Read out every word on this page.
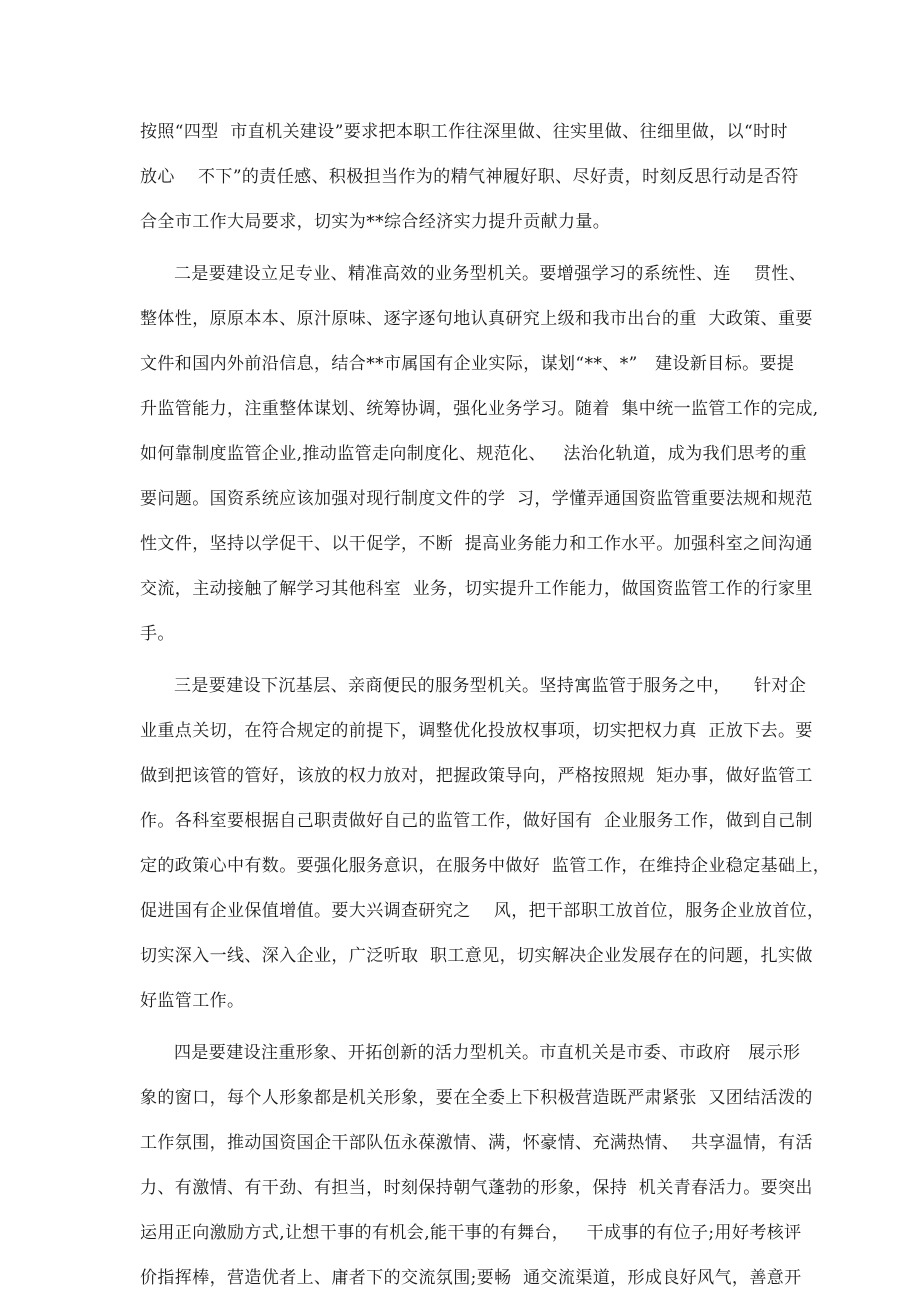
按照“四型  市直机关建设”要求把本职工作往深里做、往实里做、往细里做，以“时时
放心    不下”的责任感、积极担当作为的精气神履好职、尽好责，时刻反思行动是否符
合全市工作大局要求，切实为**综合经济实力提升贡献力量。
二是要建设立足专业、精准高效的业务型机关。要增强学习的系统性、连    贯性、
整体性，原原本本、原汁原味、逐字逐句地认真研究上级和我市出台的重  大政策、重要
文件和国内外前沿信息，结合**市属国有企业实际，谋划“**、*”   建设新目标。要提
升监管能力，注重整体谋划、统筹协调，强化业务学习。随着  集中统一监管工作的完成,
如何靠制度监管企业,推动监管走向制度化、规范化、   法治化轨道，成为我们思考的重
要问题。国资系统应该加强对现行制度文件的学  习，学懂弄通国资监管重要法规和规范
性文件，坚持以学促干、以干促学，不断  提高业务能力和工作水平。加强科室之间沟通
交流，主动接触了解学习其他科室  业务，切实提升工作能力，做国资监管工作的行家里
手。
三是要建设下沉基层、亲商便民的服务型机关。坚持寓监管于服务之中，    针对企
业重点关切，在符合规定的前提下，调整优化投放权事项，切实把权力真  正放下去。要
做到把该管的管好，该放的权力放对，把握政策导向，严格按照规  矩办事，做好监管工
作。各科室要根据自己职责做好自己的监管工作，做好国有  企业服务工作，做到自己制
定的政策心中有数。要强化服务意识，在服务中做好  监管工作，在维持企业稳定基础上，
促进国有企业保值增值。要大兴调查研究之    风，把干部职工放首位，服务企业放首位，
切实深入一线、深入企业，广泛听取  职工意见，切实解决企业发展存在的问题，扎实做
好监管工作。
四是要建设注重形象、开拓创新的活力型机关。市直机关是市委、市政府   展示形
象的窗口，每个人形象都是机关形象，要在全委上下积极营造既严肃紧张  又团结活泼的
工作氛围，推动国资国企干部队伍永葆激情、满，怀豪情、充满热情、  共享温情，有活
力、有激情、有干劲、有担当，时刻保持朝气蓬勃的形象，保持  机关青春活力。要突出
运用正向激励方式,让想干事的有机会,能干事的有舞台，   干成事的有位子;用好考核评
价指挥棒，营造优者上、庸者下的交流氛围;要畅  通交流渠道，形成良好风气，善意开
